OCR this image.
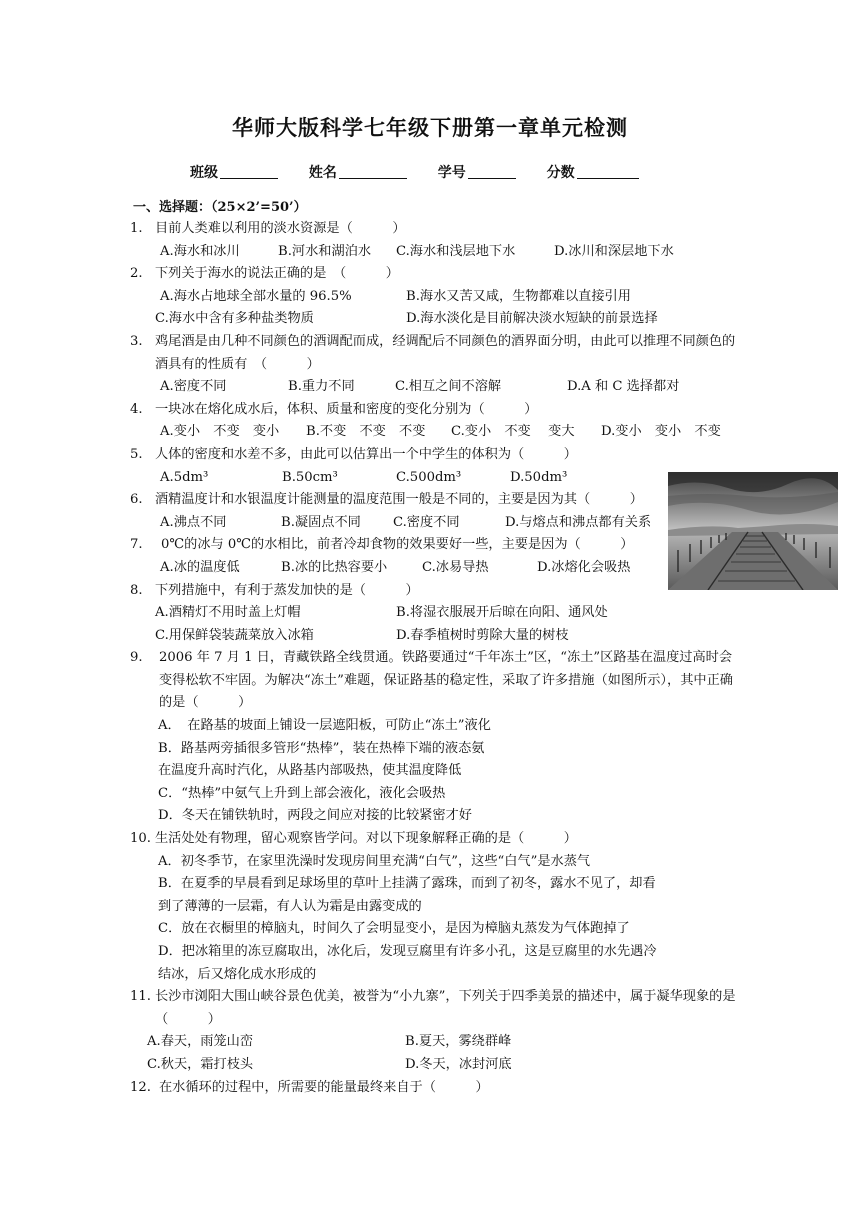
华师大版科学七年级下册第一章单元检测
班级	姓名	学号	分数
一、选择题：（25×2’=50’）
1. 目前人类难以利用的淡水资源是（　　　）
A.海水和冰川	B.河水和湖泊水 C.海水和浅层地下水	D.冰川和深层地下水
2. 下列关于海水的说法正确的是　（　　　）
A.海水占地球全部水量的 96.5%	B.海水又苦又咸，生物都难以直接引用
C.海水中含有多种盐类物质	D.海水淡化是目前解决淡水短缺的前景选择
3. 鸡尾酒是由几种不同颜色的酒调配而成，经调配后不同颜色的酒界面分明，由此可以推理不同颜色的酒具有的性质有　（　　　）
A.密度不同	B.重力不同	C.相互之间不溶解	D.A 和 C 选择都对
4. 一块冰在熔化成水后，体积、质量和密度的变化分别为（　　　）
A.变小　不变　变小 B.不变　不变　不变 C.变小　不变　 变大 D.变小　变小　不变
5. 人体的密度和水差不多，由此可以估算出一个中学生的体积为（　　　）
A.5dm³	B.50cm³	C.500dm³	D.50dm³
6. 酒精温度计和水银温度计能测量的温度范围一般是不同的，主要是因为其（　　　）
A.沸点不同	B.凝固点不同 C.密度不同	D.与熔点和沸点都有关系
7.	0℃的冰与 0℃的水相比，前者冷却食物的效果要好一些，主要是因为（　　　）
A.冰的温度低	B.冰的比热容要小	C.冰易导热	D.冰熔化会吸热
8. 下列措施中，有利于蒸发加快的是（　　　）
A.酒精灯不用时盖上灯帽	B.将湿衣服展开后晾在向阳、通风处
C.用保鲜袋装蔬菜放入冰箱	D.春季植树时剪除大量的树枝
9.	2006 年 7 月 1 日，青藏铁路全线贯通。铁路要通过“千年冻土”区，“冻土”区路基在温度过高时会变得松软不牢固。为解决“冻土”难题，保证路基的稳定性，采取了许多措施（如图所示），其中正确的是（　　　）
A．　在路基的坡面上铺设一层遮阳板，可防止“冻土”液化
B．路基两旁插很多管形“热棒”，装在热棒下端的液态氨
在温度升高时汽化，从路基内部吸热，使其温度降低
C．“热棒”中氨气上升到上部会液化，液化会吸热
D．冬天在铺铁轨时，两段之间应对接的比较紧密才好
10. 生活处处有物理，留心观察皆学问。对以下现象解释正确的是（　　　）
A．初冬季节，在家里洗澡时发现房间里充满“白气”，这些“白气”是水蒸气
B．在夏季的早晨看到足球场里的草叶上挂满了露珠，而到了初冬，露水不见了，却看
到了薄薄的一层霜，有人认为霜是由露变成的
C．放在衣橱里的樟脑丸，时间久了会明显变小，是因为樟脑丸蒸发为气体跑掉了
D．把冰箱里的冻豆腐取出，冰化后，发现豆腐里有许多小孔，这是豆腐里的水先遇冷
结冰，后又熔化成水形成的
11. 长沙市浏阳大围山峡谷景色优美，被誉为“小九寨”，下列关于四季美景的描述中，属于凝华现象的是（　　　）
A.春天，雨笼山峦	B.夏天，雾绕群峰
C.秋天，霜打枝头	D.冬天，冰封河底
12. 在水循环的过程中，所需要的能量最终来自于（　　　）
